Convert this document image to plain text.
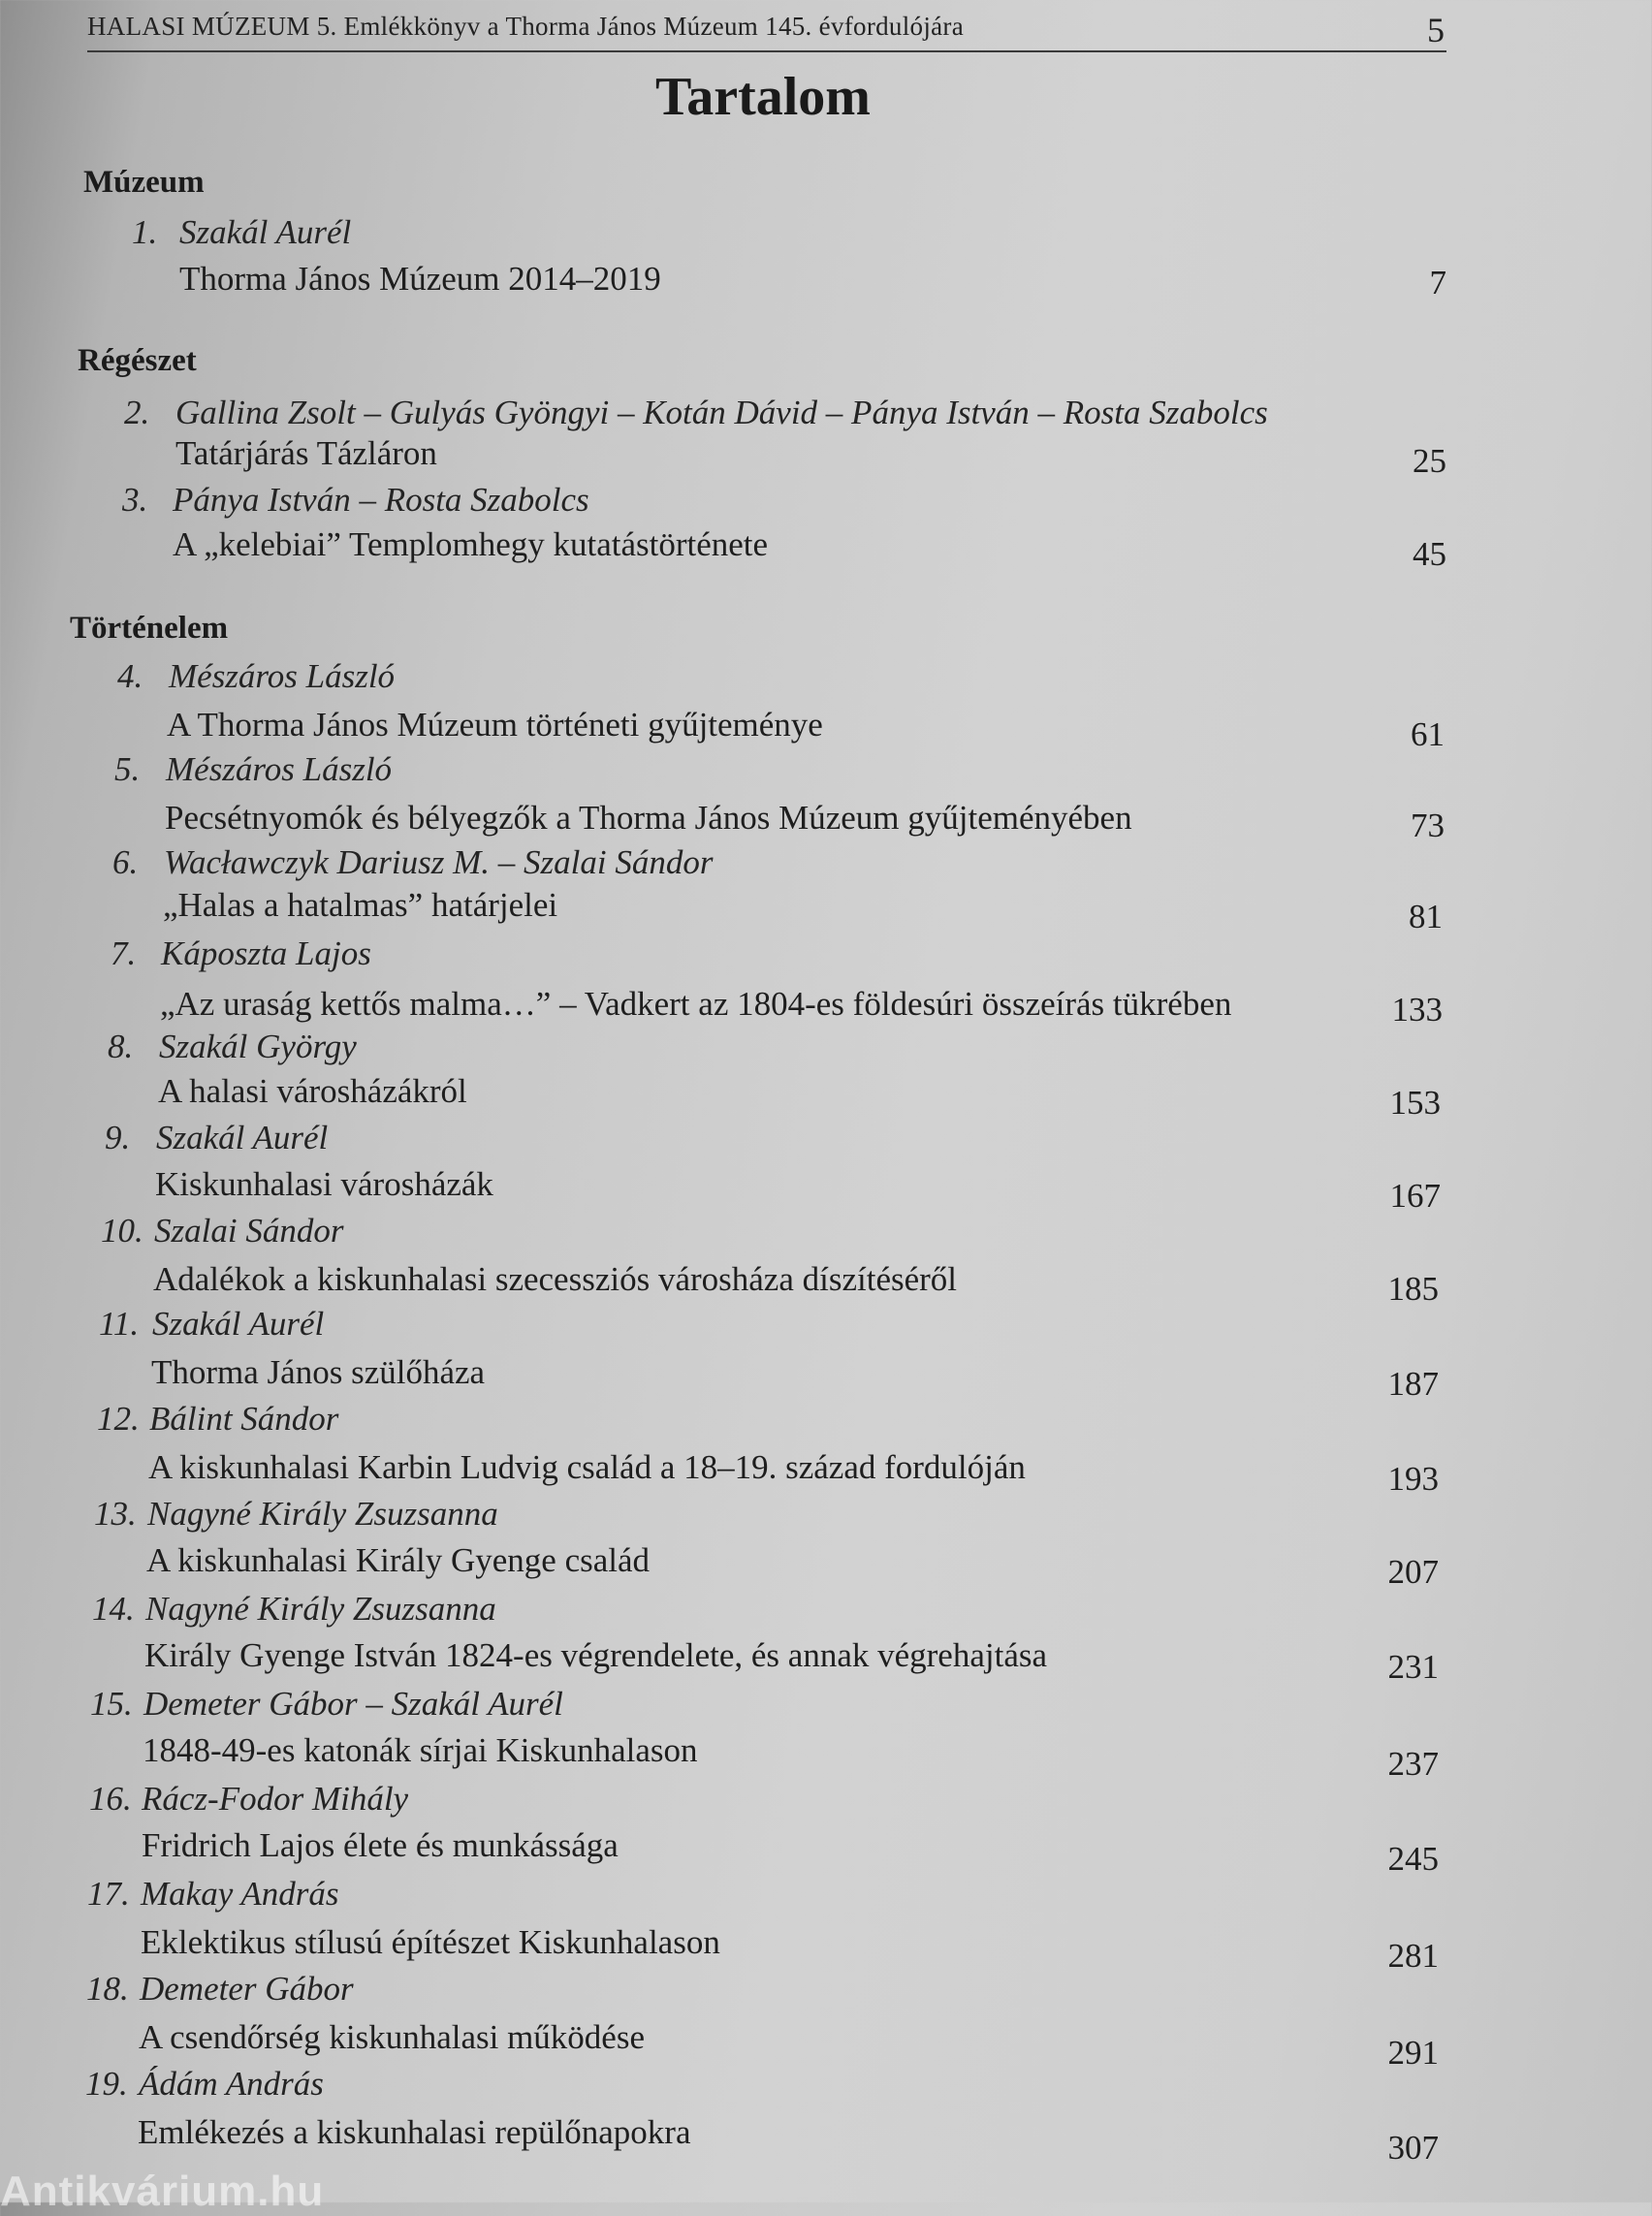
HALASI MÚZEUM 5. Emlékkönyv a Thorma János Múzeum 145. évfordulójára	5
Tartalom
Múzeum
1. Szakál Aurél
Thorma János Múzeum 2014–2019	7
Régészet
2. Gallina Zsolt – Gulyás Gyöngyi – Kotán Dávid – Pánya István – Rosta Szabolcs
Tatárjárás Tázláron	25
3. Pánya István – Rosta Szabolcs
A „kelebiai” Templomhegy kutatástörténete	45
Történelem
4. Mészáros László
A Thorma János Múzeum történeti gyűjteménye	61
5. Mészáros László
Pecsétnyomók és bélyegzők a Thorma János Múzeum gyűjteményében	73
6. Wacławczyk Dariusz M. – Szalai Sándor
„Halas a hatalmas” határjelei	81
7. Káposzta Lajos
„Az uraság kettős malma…” – Vadkert az 1804-es földesúri összeírás tükrében	133
8. Szakál György
A halasi városházákról	153
9. Szakál Aurél
Kiskunhalasi városházák	167
10. Szalai Sándor
Adalékok a kiskunhalasi szecessziós városháza díszítéséről	185
11. Szakál Aurél
Thorma János szülőháza	187
12. Bálint Sándor
A kiskunhalasi Karbin Ludvig család a 18–19. század fordulóján	193
13. Nagyné Király Zsuzsanna
A kiskunhalasi Király Gyenge család	207
14. Nagyné Király Zsuzsanna
Király Gyenge István 1824-es végrendelete, és annak végrehajtása	231
15. Demeter Gábor – Szakál Aurél
1848-49-es katonák sírjai Kiskunhalason	237
16. Rácz-Fodor Mihály
Fridrich Lajos élete és munkássága	245
17. Makay András
Eklektikus stílusú építészet Kiskunhalason	281
18. Demeter Gábor
A csendőrség kiskunhalasi működése	291
19. Ádám András
Emlékezés a kiskunhalasi repülőnapokra	307
Antikvárium.hu
